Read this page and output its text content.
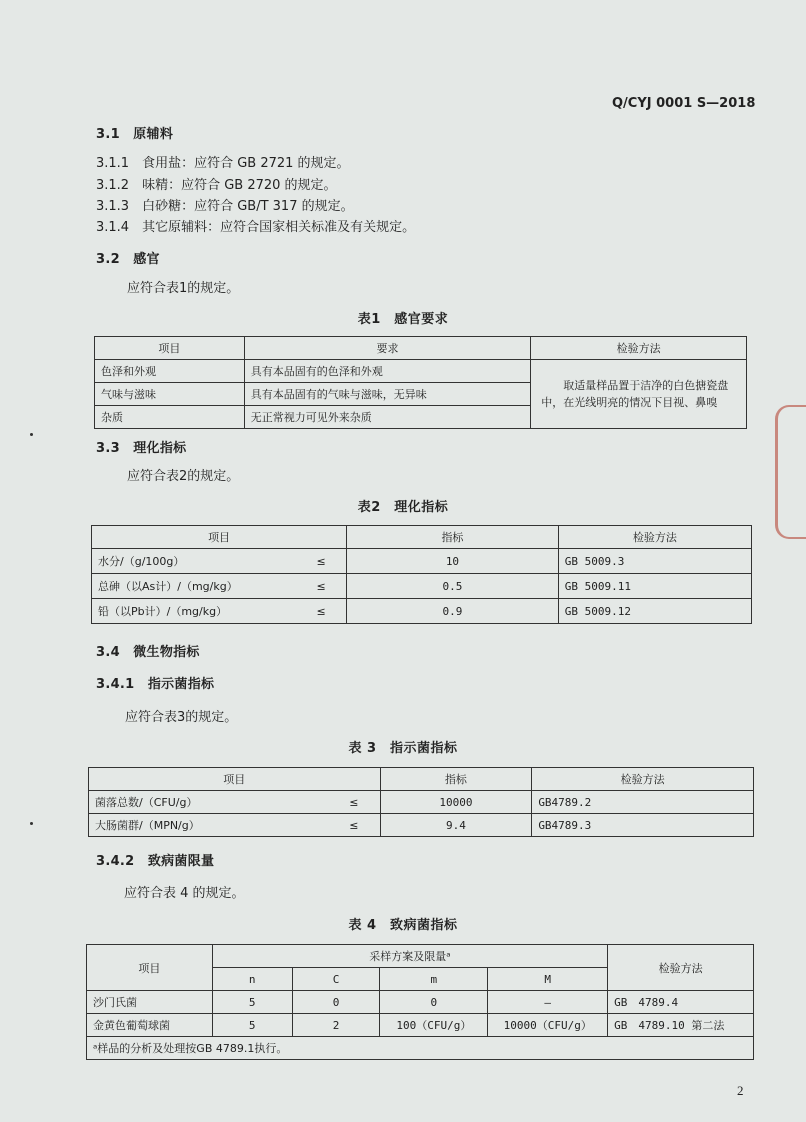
Q/CYJ 0001 S—2018
3.1　原辅料
3.1.1　食用盐：应符合 GB 2721 的规定。
3.1.2　味精：应符合 GB 2720 的规定。
3.1.3　白砂糖：应符合 GB/T 317 的规定。
3.1.4　其它原辅料：应符合国家相关标准及有关规定。
3.2　感官
应符合表1的规定。
表1　感官要求
项目	要求	检验方法
色泽和外观	具有本品固有的色泽和外观	取适量样品置于洁净的白色搪瓷盘中，在光线明亮的情况下目视、鼻嗅
气味与滋味	具有本品固有的气味与滋味，无异味	
杂质	无正常视力可见外来杂质	
3.3　理化指标
应符合表2的规定。
表2　理化指标
项目		指标	检验方法
水分/（g/100g）	≤	10	GB 5009.3
总砷（以As计）/（mg/kg）	≤	0.5	GB 5009.11
铅（以Pb计）/（mg/kg）	≤	0.9	GB 5009.12
3.4　微生物指标
3.4.1　指示菌指标
应符合表3的规定。
表 3　指示菌指标
项目		指标	检验方法
菌落总数/（CFU/g）	≤	10000	GB4789.2
大肠菌群/（MPN/g）	≤	9.4	GB4789.3
3.4.2　致病菌限量
应符合表 4 的规定。
表 4　致病菌指标
项目	采样方案及限量ᵃ				检验方法
	n	C	m	M	
沙门氏菌	5	0	0	—	GB　4789.4
金黄色葡萄球菌	5	2	100（CFU/g）	10000（CFU/g）	GB　4789.10 第二法
ᵃ样品的分析及处理按GB 4789.1执行。					
2
